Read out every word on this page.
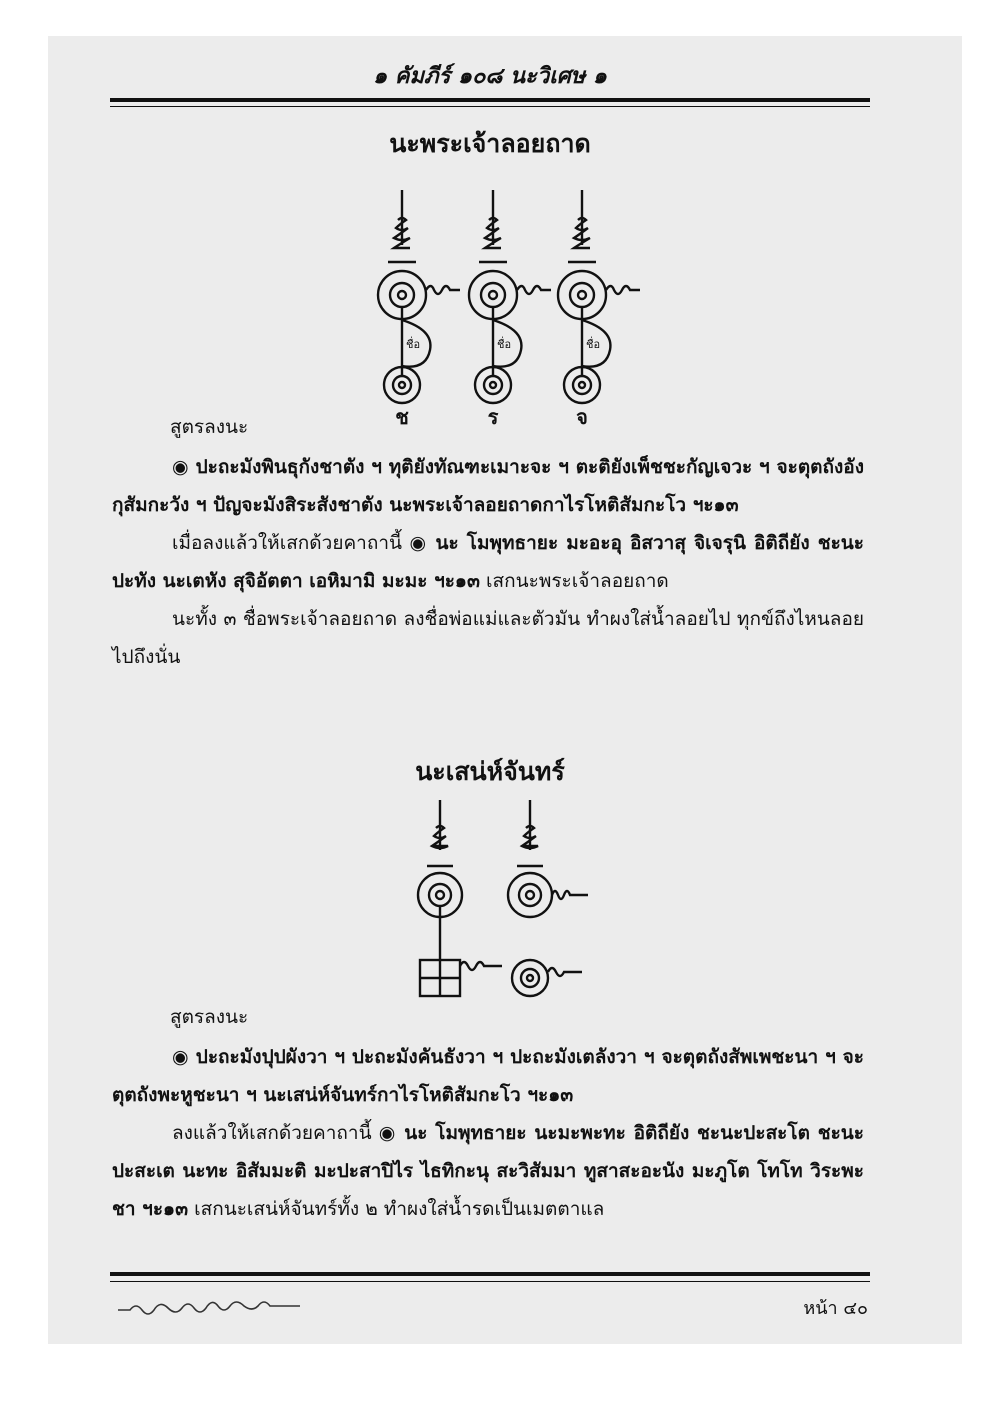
๑ คัมภีร์ ๑๐๘ นะวิเศษ ๑
นะพระเจ้าลอยถาด
ชื่อ	ชื่อ	ชื่อ
ช	ร	จ
สูตรลงนะ

◉ ปะถะมังพินธุกังชาตัง ฯ ทุติยังทัณฑะเมาะจะ ฯ ตะติยังเพ็ชชะกัญเจวะ ฯ จะตุตถังอังกุสัมกะวัง ฯ ปัญจะมังสิระสังชาตัง นะพระเจ้าลอยถาดกาไรโหติสัมกะโว ฯะ๑๓

เมื่อลงแล้วให้เสกด้วยคาถานี้ ◉ นะ โมพุทธายะ มะอะอุ อิสวาสุ จิเจรุนิ อิติถียัง ชะนะปะทัง นะเตหัง สุจิอัตตา เอหิมามิ มะมะ ฯะ๑๓ เสกนะพระเจ้าลอยถาด

นะทั้ง ๓ ชื่อพระเจ้าลอยถาด ลงชื่อพ่อแม่และตัวมัน ทำผงใส่น้ำลอยไป ทุกข์ถึงไหนลอยไปถึงนั่น

นะเสน่ห์จันทร์
สูตรลงนะ

◉ ปะถะมังปุปผังวา ฯ ปะถะมังคันธังวา ฯ ปะถะมังเตลังวา ฯ จะตุตถังสัพเพชะนา ฯ จะตุตถังพะหูชะนา ฯ นะเสน่ห์จันทร์กาไรโหติสัมกะโว ฯะ๑๓

ลงแล้วให้เสกด้วยคาถานี้ ◉ นะ โมพุทธายะ นะมะพะทะ อิติถียัง ชะนะปะสะโต ชะนะปะสะเต นะทะ อิสัมมะติ มะปะสาปิไร ไธทิกะนุ สะวิสัมมา ทูสาสะอะนัง มะภูโต โทโท วิระพะชา ฯะ๑๓ เสกนะเสน่ห์จันทร์ทั้ง ๒ ทำผงใส่น้ำรดเป็นเมตตาแล

หน้า ๔๐
